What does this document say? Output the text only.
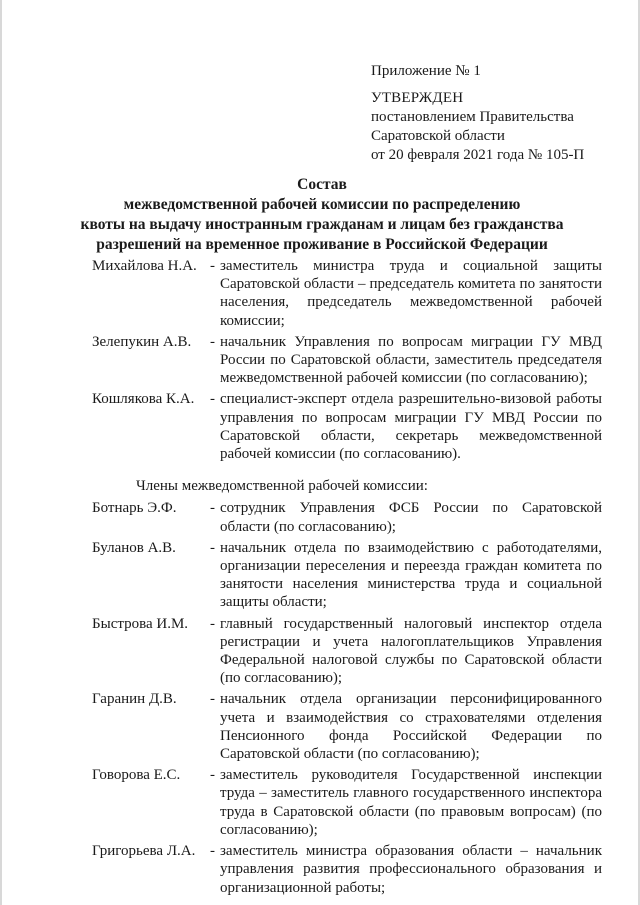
Приложение № 1
УТВЕРЖДЕН
постановлением Правительства
Саратовской области
от 20 февраля 2021 года № 105-П
Состав
межведомственной рабочей комиссии по распределению
квоты на выдачу иностранным гражданам и лицам без гражданства
разрешений на временное проживание в Российской Федерации
Михайлова Н.А. - заместитель министра труда и социальной защиты Саратовской области – председатель комитета по занятости населения, председатель межведомственной рабочей комиссии;
Зелепукин А.В.	- начальник Управления по вопросам миграции ГУ МВД России по Саратовской области, заместитель председателя межведомственной рабочей комиссии (по согласованию);
Кошлякова К.А.	- специалист-эксперт отдела разрешительно-визовой работы управления по вопросам миграции ГУ МВД России по Саратовской области, секретарь межведомственной рабочей комиссии (по согласованию).
Члены межведомственной рабочей комиссии:
Ботнарь Э.Ф.	- сотрудник Управления ФСБ России по Саратовской области (по согласованию);
Буланов А.В.	- начальник отдела по взаимодействию с работодателями, организации переселения и переезда граждан комитета по занятости населения министерства труда и социальной защиты области;
Быстрова И.М.	- главный государственный налоговый инспектор отдела регистрации и учета налогоплательщиков Управления Федеральной налоговой службы по Саратовской области (по согласованию);
Гаранин Д.В.	- начальник отдела организации персонифицированного учета и взаимодействия со страхователями отделения Пенсионного фонда Российской Федерации по Саратовской области (по согласованию);
Говорова Е.С.	- заместитель руководителя Государственной инспекции труда – заместитель главного государственного инспектора труда в Саратовской области (по правовым вопросам) (по согласованию);
Григорьева Л.А. - заместитель министра образования области – начальник управления развития профессионального образования и организационной работы;
